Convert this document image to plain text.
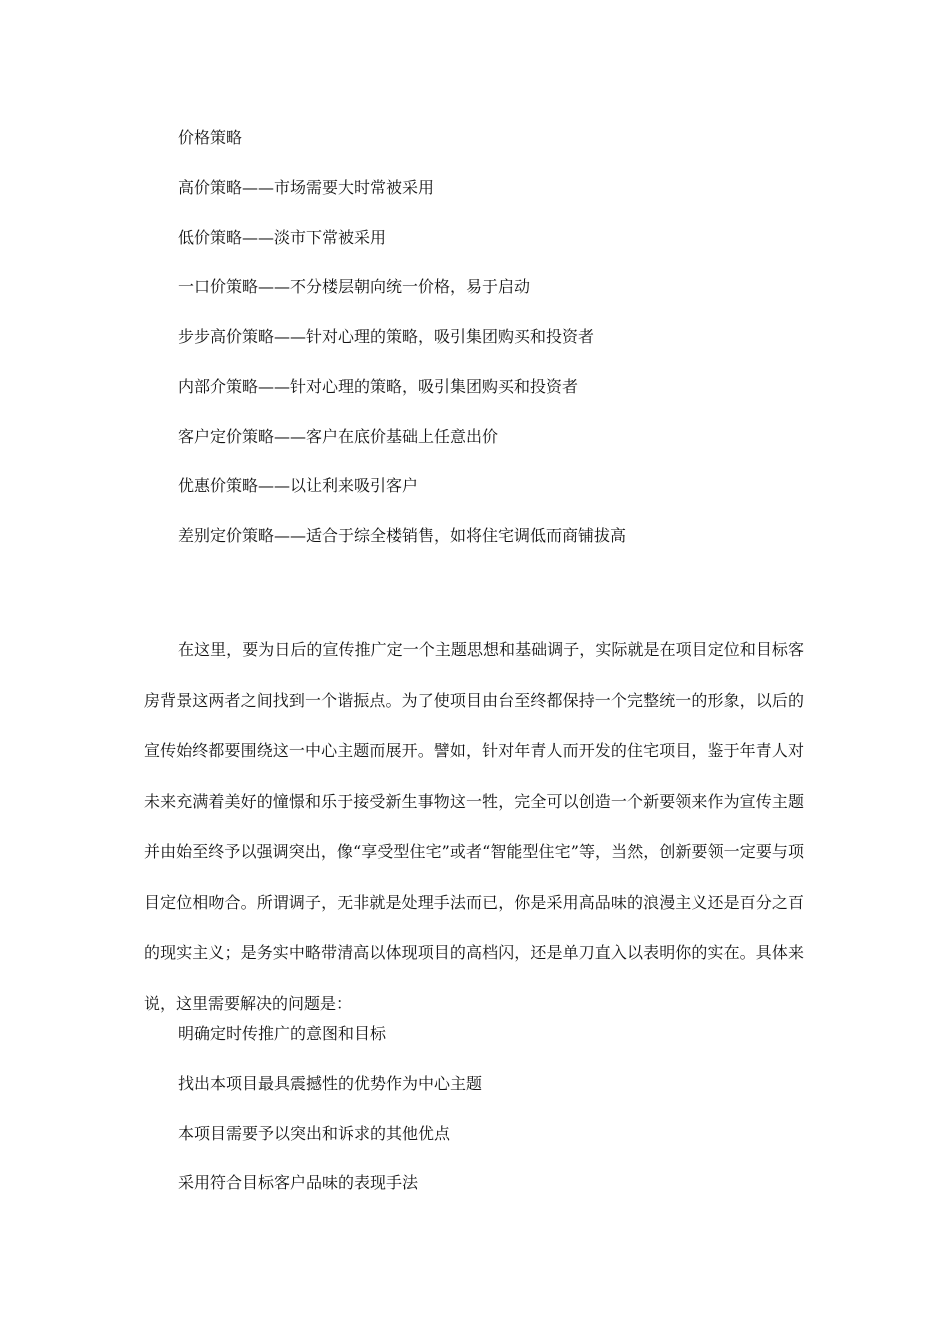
价格策略
高价策略——市场需要大时常被采用
低价策略——淡市下常被采用
一口价策略——不分楼层朝向统一价格，易于启动
步步高价策略——针对心理的策略，吸引集团购买和投资者
内部介策略——针对心理的策略，吸引集团购买和投资者
客户定价策略——客户在底价基础上任意出价
优惠价策略——以让利来吸引客户
差别定价策略——适合于综全楼销售，如将住宅调低而商铺拔高
在这里，要为日后的宣传推广定一个主题思想和基础调子，实际就是在项目定位和目标客房背景这两者之间找到一个谐振点。为了使项目由台至终都保持一个完整统一的形象，以后的宣传始终都要围绕这一中心主题而展开。譬如，针对年青人而开发的住宅项目，鉴于年青人对未来充满着美好的憧憬和乐于接受新生事物这一牲，完全可以创造一个新要领来作为宣传主题并由始至终予以强调突出，像“享受型住宅”或者“智能型住宅”等，当然，创新要领一定要与项目定位相吻合。所谓调子，无非就是处理手法而已，你是采用高品味的浪漫主义还是百分之百的现实主义；是务实中略带清高以体现项目的高档闪，还是单刀直入以表明你的实在。具体来说，这里需要解决的问题是：
明确定时传推广的意图和目标
找出本项目最具震撼性的优势作为中心主题
本项目需要予以突出和诉求的其他优点
采用符合目标客户品味的表现手法
